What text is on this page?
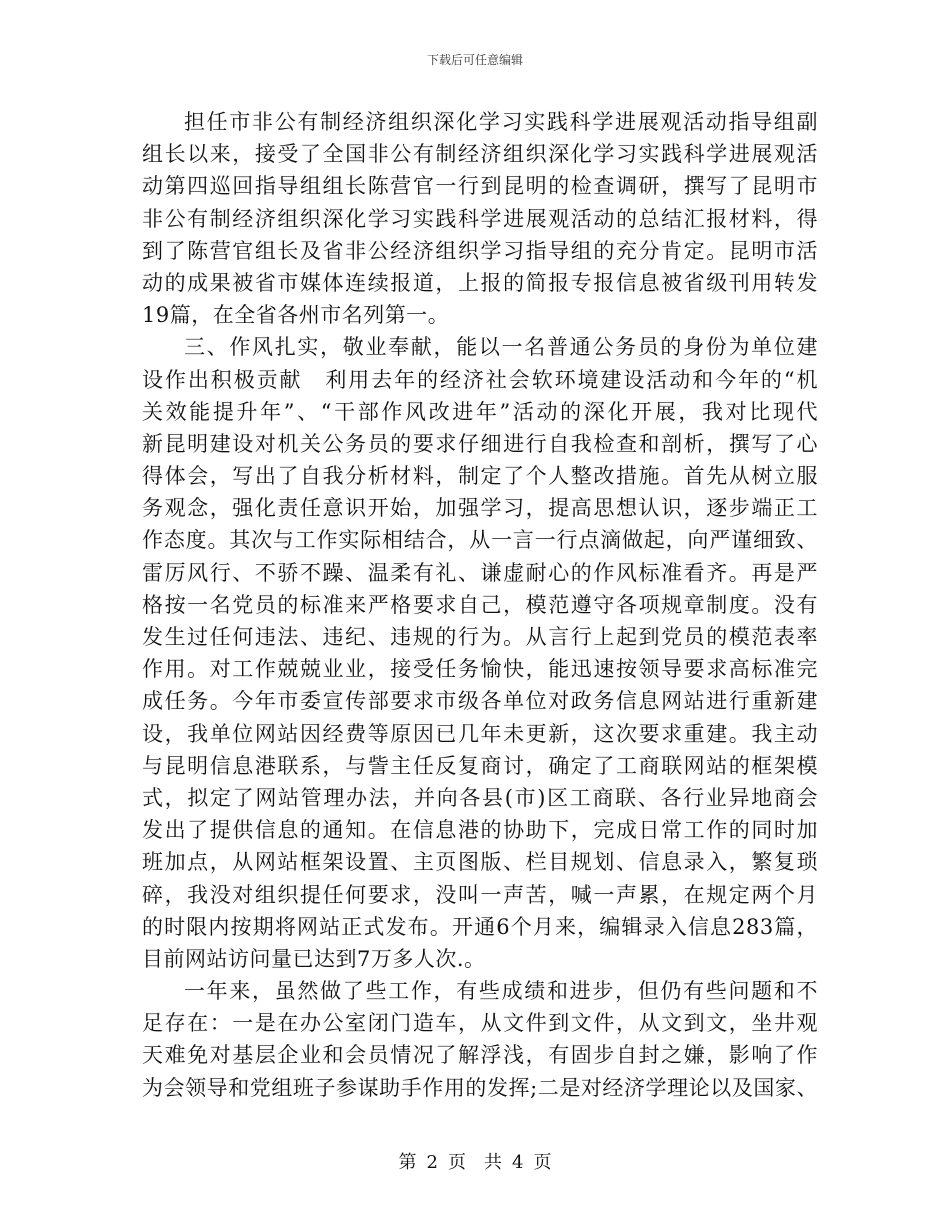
下载后可任意编辑
担任市非公有制经济组织深化学习实践科学进展观活动指导组副
组长以来，接受了全国非公有制经济组织深化学习实践科学进展观活
动第四巡回指导组组长陈营官一行到昆明的检查调研，撰写了昆明市
非公有制经济组织深化学习实践科学进展观活动的总结汇报材料，得
到了陈营官组长及省非公经济组织学习指导组的充分肯定。昆明市活
动的成果被省市媒体连续报道，上报的简报专报信息被省级刊用转发
19篇，在全省各州市名列第一。
三、作风扎实，敬业奉献，能以一名普通公务员的身份为单位建
设作出积极贡献　利用去年的经济社会软环境建设活动和今年的“机
关效能提升年”、“干部作风改进年”活动的深化开展，我对比现代
新昆明建设对机关公务员的要求仔细进行自我检查和剖析，撰写了心
得体会，写出了自我分析材料，制定了个人整改措施。首先从树立服
务观念，强化责任意识开始，加强学习，提高思想认识，逐步端正工
作态度。其次与工作实际相结合，从一言一行点滴做起，向严谨细致、
雷厉风行、不骄不躁、温柔有礼、谦虚耐心的作风标准看齐。再是严
格按一名党员的标准来严格要求自己，模范遵守各项规章制度。没有
发生过任何违法、违纪、违规的行为。从言行上起到党员的模范表率
作用。对工作兢兢业业，接受任务愉快，能迅速按领导要求高标准完
成任务。今年市委宣传部要求市级各单位对政务信息网站进行重新建
设，我单位网站因经费等原因已几年未更新，这次要求重建。我主动
与昆明信息港联系，与訾主任反复商讨，确定了工商联网站的框架模
式，拟定了网站管理办法，并向各县(市)区工商联、各行业异地商会
发出了提供信息的通知。在信息港的协助下，完成日常工作的同时加
班加点，从网站框架设置、主页图版、栏目规划、信息录入，繁复琐
碎，我没对组织提任何要求，没叫一声苦，喊一声累，在规定两个月
的时限内按期将网站正式发布。开通6个月来，编辑录入信息283篇，
目前网站访问量已达到7万多人次.。
一年来，虽然做了些工作，有些成绩和进步，但仍有些问题和不
足存在：一是在办公室闭门造车，从文件到文件，从文到文，坐井观
天难免对基层企业和会员情况了解浮浅，有固步自封之嫌，影响了作
为会领导和党组班子参谋助手作用的发挥;二是对经济学理论以及国家、
第 2 页　共 4 页
